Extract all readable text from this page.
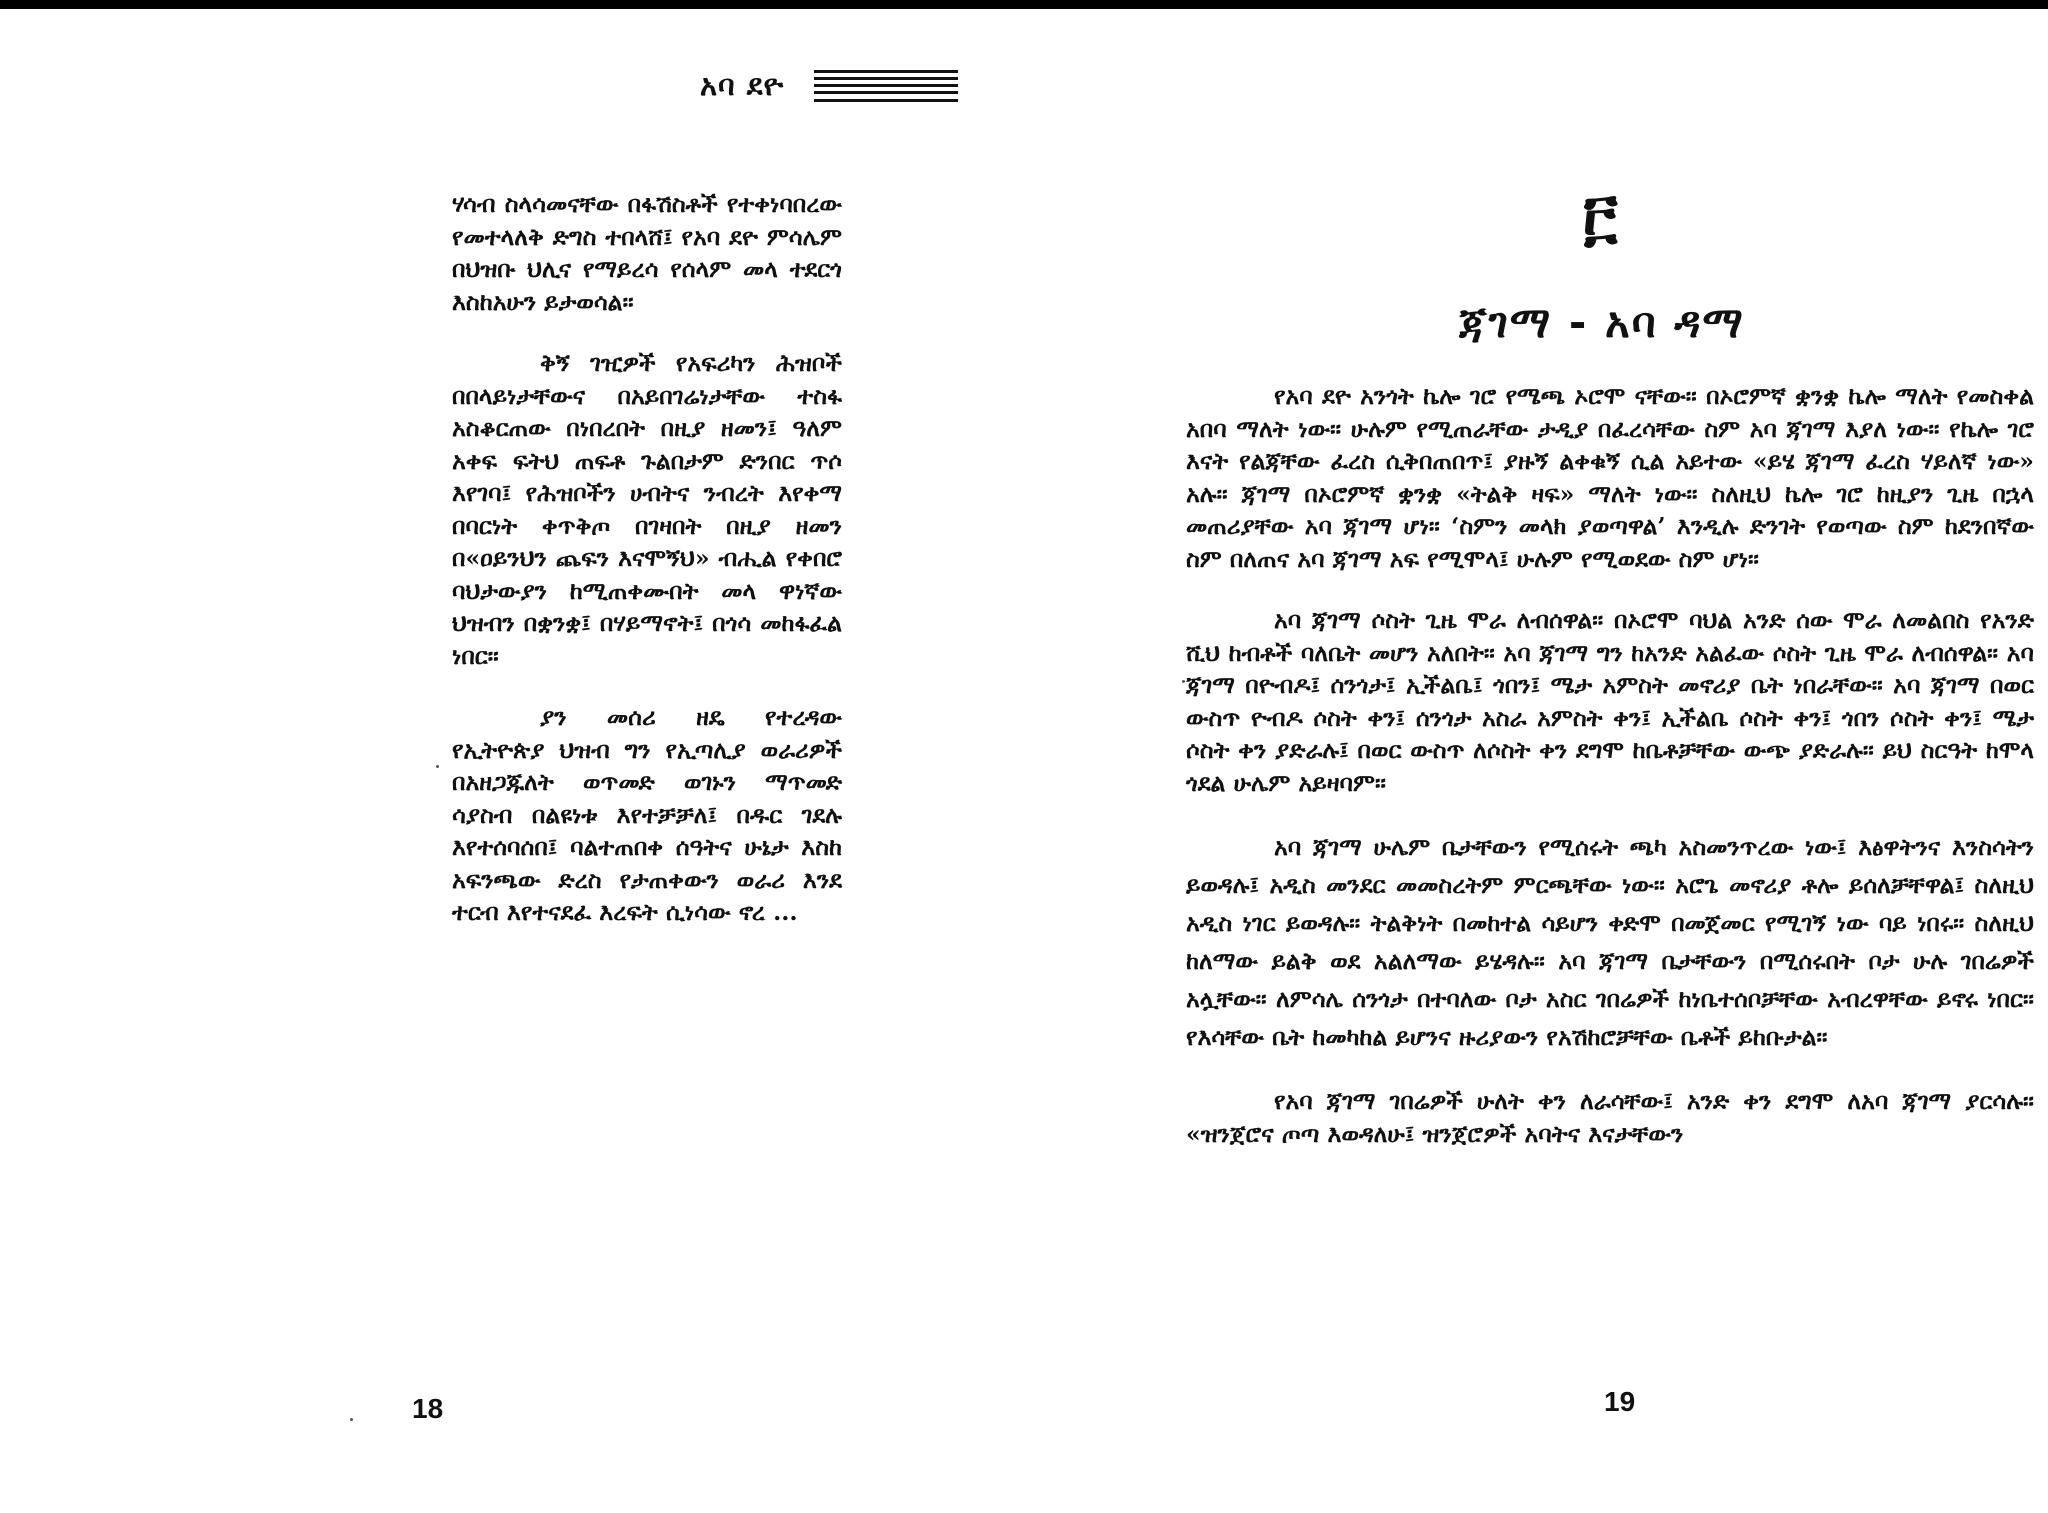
አባ ደዮ

ሃሳብ ስላሳመናቸው በፋሽስቶች የተቀነባበረው የመተላለቅ ድግስ ተበላሸ፤ የአባ ደዮ ምሳሌም በህዝቡ ህሊና የማይረሳ የሰላም መላ ተደርጎ እስከአሁን ይታወሳል።

ቅኝ ገዢዎች የአፍሪካን ሕዝቦች በበላይነታቸውና በአይበገሬነታቸው ተስፋ አስቆርጠው በነበረበት በዚያ ዘመን፤ ዓለም አቀፍ ፍትህ ጠፍቶ ጉልበታም ድንበር ጥሶ እየገባ፤ የሕዝቦችን ሀብትና ንብረት እየቀማ በባርነት ቀጥቅጦ በገዛበት በዚያ ዘመን በ«ዐይንህን ጨፍን እናሞኝህ» ብሒል የቀበሮ ባህታውያን ከሚጠቀሙበት መላ ዋነኛው ህዝብን በቋንቋ፤ በሃይማኖት፤ በጎሳ መከፋፈል ነበር።

ያን መሰሪ ዘዴ የተረዳው የኢትዮጵያ ህዝብ ግን የኢጣሊያ ወራሪዎች በአዘጋጁለት ወጥመድ ወገኑን ማጥመድ ሳያስብ በልዩነቱ እየተቻቻለ፤ በዱር ገደሉ እየተሰባሰበ፤ ባልተጠበቀ ሰዓትና ሁኔታ እስከ አፍንጫው ድረስ የታጠቀውን ወራሪ እንደ ተርብ እየተናደፈ እረፍት ሲነሳው ኖረ ...

18
፫
ጃገማ - አባ ዳማ

የአባ ደዮ አንጎት ኬሎ ገሮ የሜጫ ኦሮሞ ናቸው። በኦሮምኛ ቋንቋ ኬሎ ማለት የመስቀል አበባ ማለት ነው። ሁሉም የሚጠራቸው ታዲያ በፈረሳቸው ስም አባ ጃገማ እያለ ነው። የኬሎ ገሮ እናት የልጃቸው ፈረስ ሲቅበጠበጥ፤ ያዙኝ ልቀቁኝ ሲል አይተው «ይሄ ጃገማ ፈረስ ሃይለኛ ነው» አሉ። ጃገማ በኦሮምኛ ቋንቋ «ትልቅ ዛፍ» ማለት ነው። ስለዚህ ኬሎ ገሮ ከዚያን ጊዜ በኋላ መጠሪያቸው አባ ጃገማ ሆነ። ‘ስምን መላክ ያወጣዋል’ እንዲሉ ድንገት የወጣው ስም ከደንበኛው ስም በለጠና አባ ጃገማ አፍ የሚሞላ፤ ሁሉም የሚወደው ስም ሆነ።

አባ ጃገማ ሶስት ጊዜ ሞራ ለብሰዋል። በኦሮሞ ባህል አንድ ሰው ሞራ ለመልበስ የአንድ ሺህ ከብቶች ባለቤት መሆን አለበት። አባ ጃገማ ግን ከአንድ አልፈው ሶስት ጊዜ ሞራ ለብሰዋል። አባ ጃገማ በዮብዶ፤ ሰንጎታ፤ ኢችልቤ፤ ጎበን፤ ሜታ አምስት መኖሪያ ቤት ነበራቸው። አባ ጃገማ በወር ውስጥ ዮብዶ ሶስት ቀን፤ ሰንጎታ አስራ አምስት ቀን፤ ኢችልቤ ሶስት ቀን፤ ጎበን ሶስት ቀን፤ ሜታ ሶስት ቀን ያድራሉ፤ በወር ውስጥ ለሶስት ቀን ደግሞ ከቤቶቻቸው ውጭ ያድራሉ። ይህ ስርዓት ከሞላ ጎደል ሁሌም አይዛባም።

አባ ጃገማ ሁሌም ቤታቸውን የሚሰሩት ጫካ አስመንጥረው ነው፤ እፅዋትንና እንስሳትን ይወዳሉ፤ አዲስ መንደር መመስረትም ምርጫቸው ነው። አሮጌ መኖሪያ ቶሎ ይሰለቻቸዋል፤ ስለዚህ አዲስ ነገር ይወዳሉ። ትልቅነት በመከተል ሳይሆን ቀድሞ በመጀመር የሚገኝ ነው ባይ ነበሩ። ስለዚህ ከለማው ይልቅ ወደ አልለማው ይሄዳሉ። አባ ጃገማ ቤታቸውን በሚሰሩበት ቦታ ሁሉ ገበሬዎች አሏቸው። ለምሳሌ ሰንጎታ በተባለው ቦታ አስር ገበሬዎች ከነቤተሰቦቻቸው አብረዋቸው ይኖሩ ነበር። የእሳቸው ቤት ከመካከል ይሆንና ዙሪያውን የአሽከሮቻቸው ቤቶች ይከቡታል።

የአባ ጃገማ ገበሬዎች ሁለት ቀን ለራሳቸው፤ አንድ ቀን ደግሞ ለአባ ጃገማ ያርሳሉ። «ዝንጀሮና ጦጣ እወዳለሁ፤ ዝንጀሮዎች አባትና እናታቸውን

19
